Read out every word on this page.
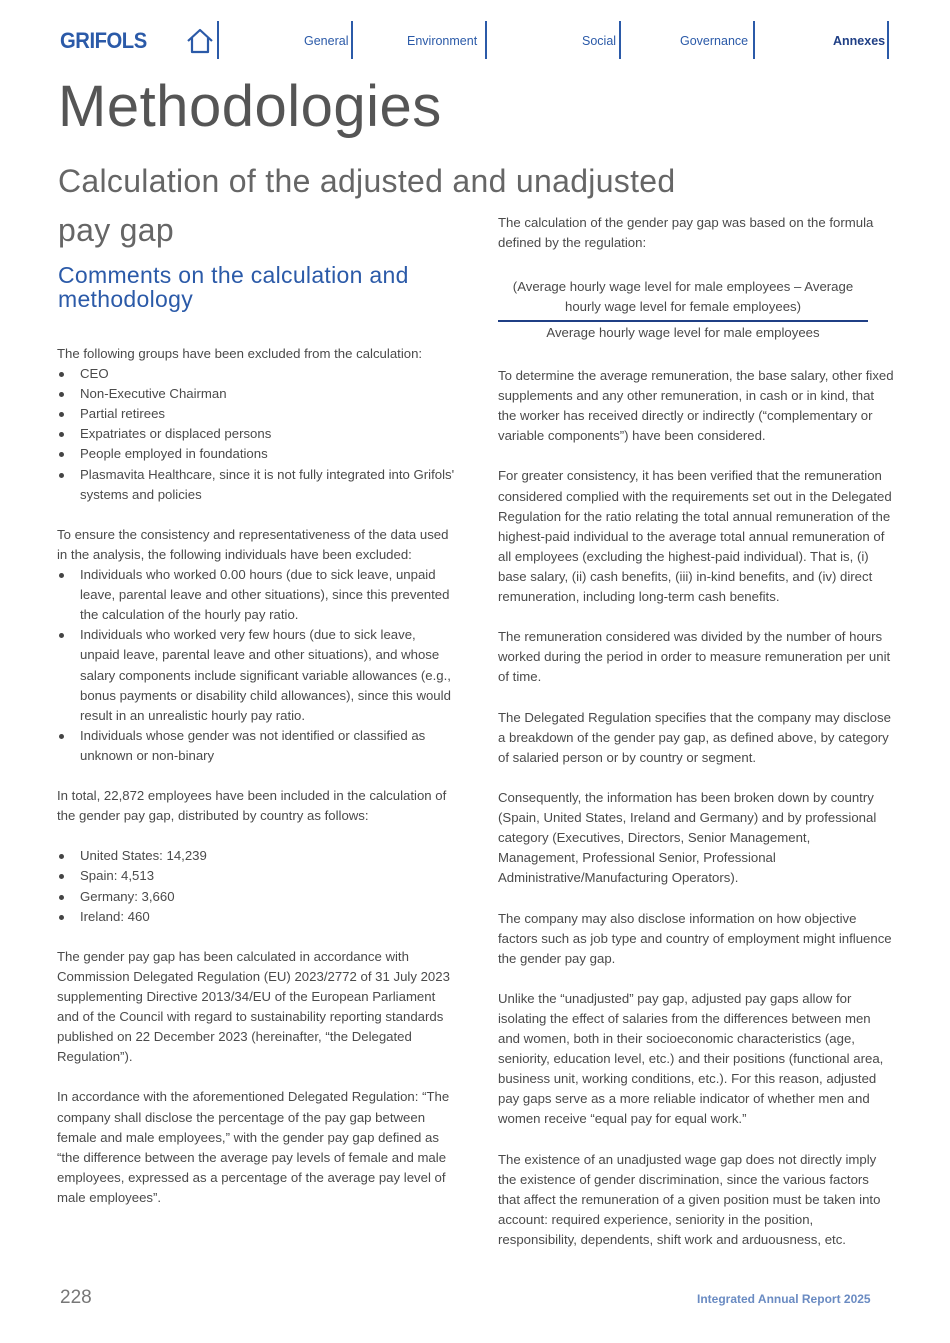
GRIFOLS	General	Environment	Social	Governance	Annexes
Methodologies
Calculation of the adjusted and unadjusted
pay gap
Comments on the calculation and methodology

The following groups have been excluded from the calculation:

CEO
Non-Executive Chairman
Partial retirees
Expatriates or displaced persons
People employed in foundations
Plasmavita Healthcare, since it is not fully integrated into Grifols' systems and policies

To ensure the consistency and representativeness of the data used in the analysis, the following individuals have been excluded:

Individuals who worked 0.00 hours (due to sick leave, unpaid leave, parental leave and other situations), since this prevented the calculation of the hourly pay ratio.
Individuals who worked very few hours (due to sick leave, unpaid leave, parental leave and other situations), and whose salary components include significant variable allowances (e.g., bonus payments or disability child allowances), since this would result in an unrealistic hourly pay ratio.
Individuals whose gender was not identified or classified as unknown or non-binary

In total, 22,872 employees have been included in the calculation of the gender pay gap, distributed by country as follows:

United States: 14,239
Spain: 4,513
Germany: 3,660
Ireland: 460

The gender pay gap has been calculated in accordance with Commission Delegated Regulation (EU) 2023/2772 of 31 July 2023 supplementing Directive 2013/34/EU of the European Parliament and of the Council with regard to sustainability reporting standards published on 22 December 2023 (hereinafter, “the Delegated Regulation”).

In accordance with the aforementioned Delegated Regulation: “The company shall disclose the percentage of the pay gap between female and male employees,” with the gender pay gap defined as “the difference between the average pay levels of female and male employees, expressed as a percentage of the average pay level of male employees”.

The calculation of the gender pay gap was based on the formula defined by the regulation:

(Average hourly wage level for male employees – Average hourly wage level for female employees)
Average hourly wage level for male employees

To determine the average remuneration, the base salary, other fixed supplements and any other remuneration, in cash or in kind, that the worker has received directly or indirectly (“complementary or variable components”) have been considered.

For greater consistency, it has been verified that the remuneration considered complied with the requirements set out in the Delegated Regulation for the ratio relating the total annual remuneration of the highest-paid individual to the average total annual remuneration of all employees (excluding the highest-paid individual). That is, (i) base salary, (ii) cash benefits, (iii) in-kind benefits, and (iv) direct remuneration, including long-term cash benefits.

The remuneration considered was divided by the number of hours worked during the period in order to measure remuneration per unit of time.

The Delegated Regulation specifies that the company may disclose a breakdown of the gender pay gap, as defined above, by category of salaried person or by country or segment.

Consequently, the information has been broken down by country (Spain, United States, Ireland and Germany) and by professional category (Executives, Directors, Senior Management, Management, Professional Senior, Professional Administrative/Manufacturing Operators).

The company may also disclose information on how objective factors such as job type and country of employment might influence the gender pay gap.

Unlike the “unadjusted” pay gap, adjusted pay gaps allow for isolating the effect of salaries from the differences between men and women, both in their socioeconomic characteristics (age, seniority, education level, etc.) and their positions (functional area, business unit, working conditions, etc.). For this reason, adjusted pay gaps serve as a more reliable indicator of whether men and women receive “equal pay for equal work.”

The existence of an unadjusted wage gap does not directly imply the existence of gender discrimination, since the various factors that affect the remuneration of a given position must be taken into account: required experience, seniority in the position, responsibility, dependents, shift work and arduousness, etc.

228	Integrated Annual Report 2025
